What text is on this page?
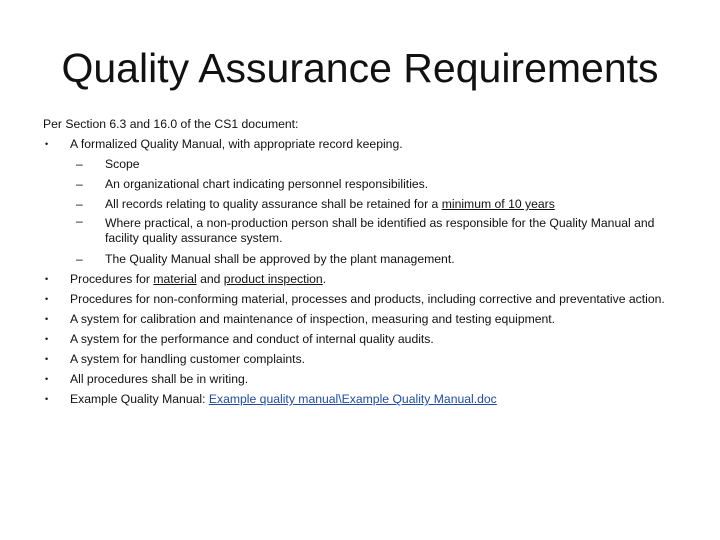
Quality Assurance Requirements

Per Section 6.3 and 16.0 of the CS1 document:

• A formalized Quality Manual, with appropriate record keeping.
– Scope
– An organizational chart indicating personnel responsibilities.
– All records relating to quality assurance shall be retained for a minimum of 10 years
– Where practical, a non-production person shall be identified as responsible for the Quality Manual and facility quality assurance system.
– The Quality Manual shall be approved by the plant management.
• Procedures for material and product inspection.
• Procedures for non-conforming material, processes and products, including corrective and preventative action.
• A system for calibration and maintenance of inspection, measuring and testing equipment.
• A system for the performance and conduct of internal quality audits.
• A system for handling customer complaints.
• All procedures shall be in writing.
• Example Quality Manual: Example quality manual\Example Quality Manual.doc
